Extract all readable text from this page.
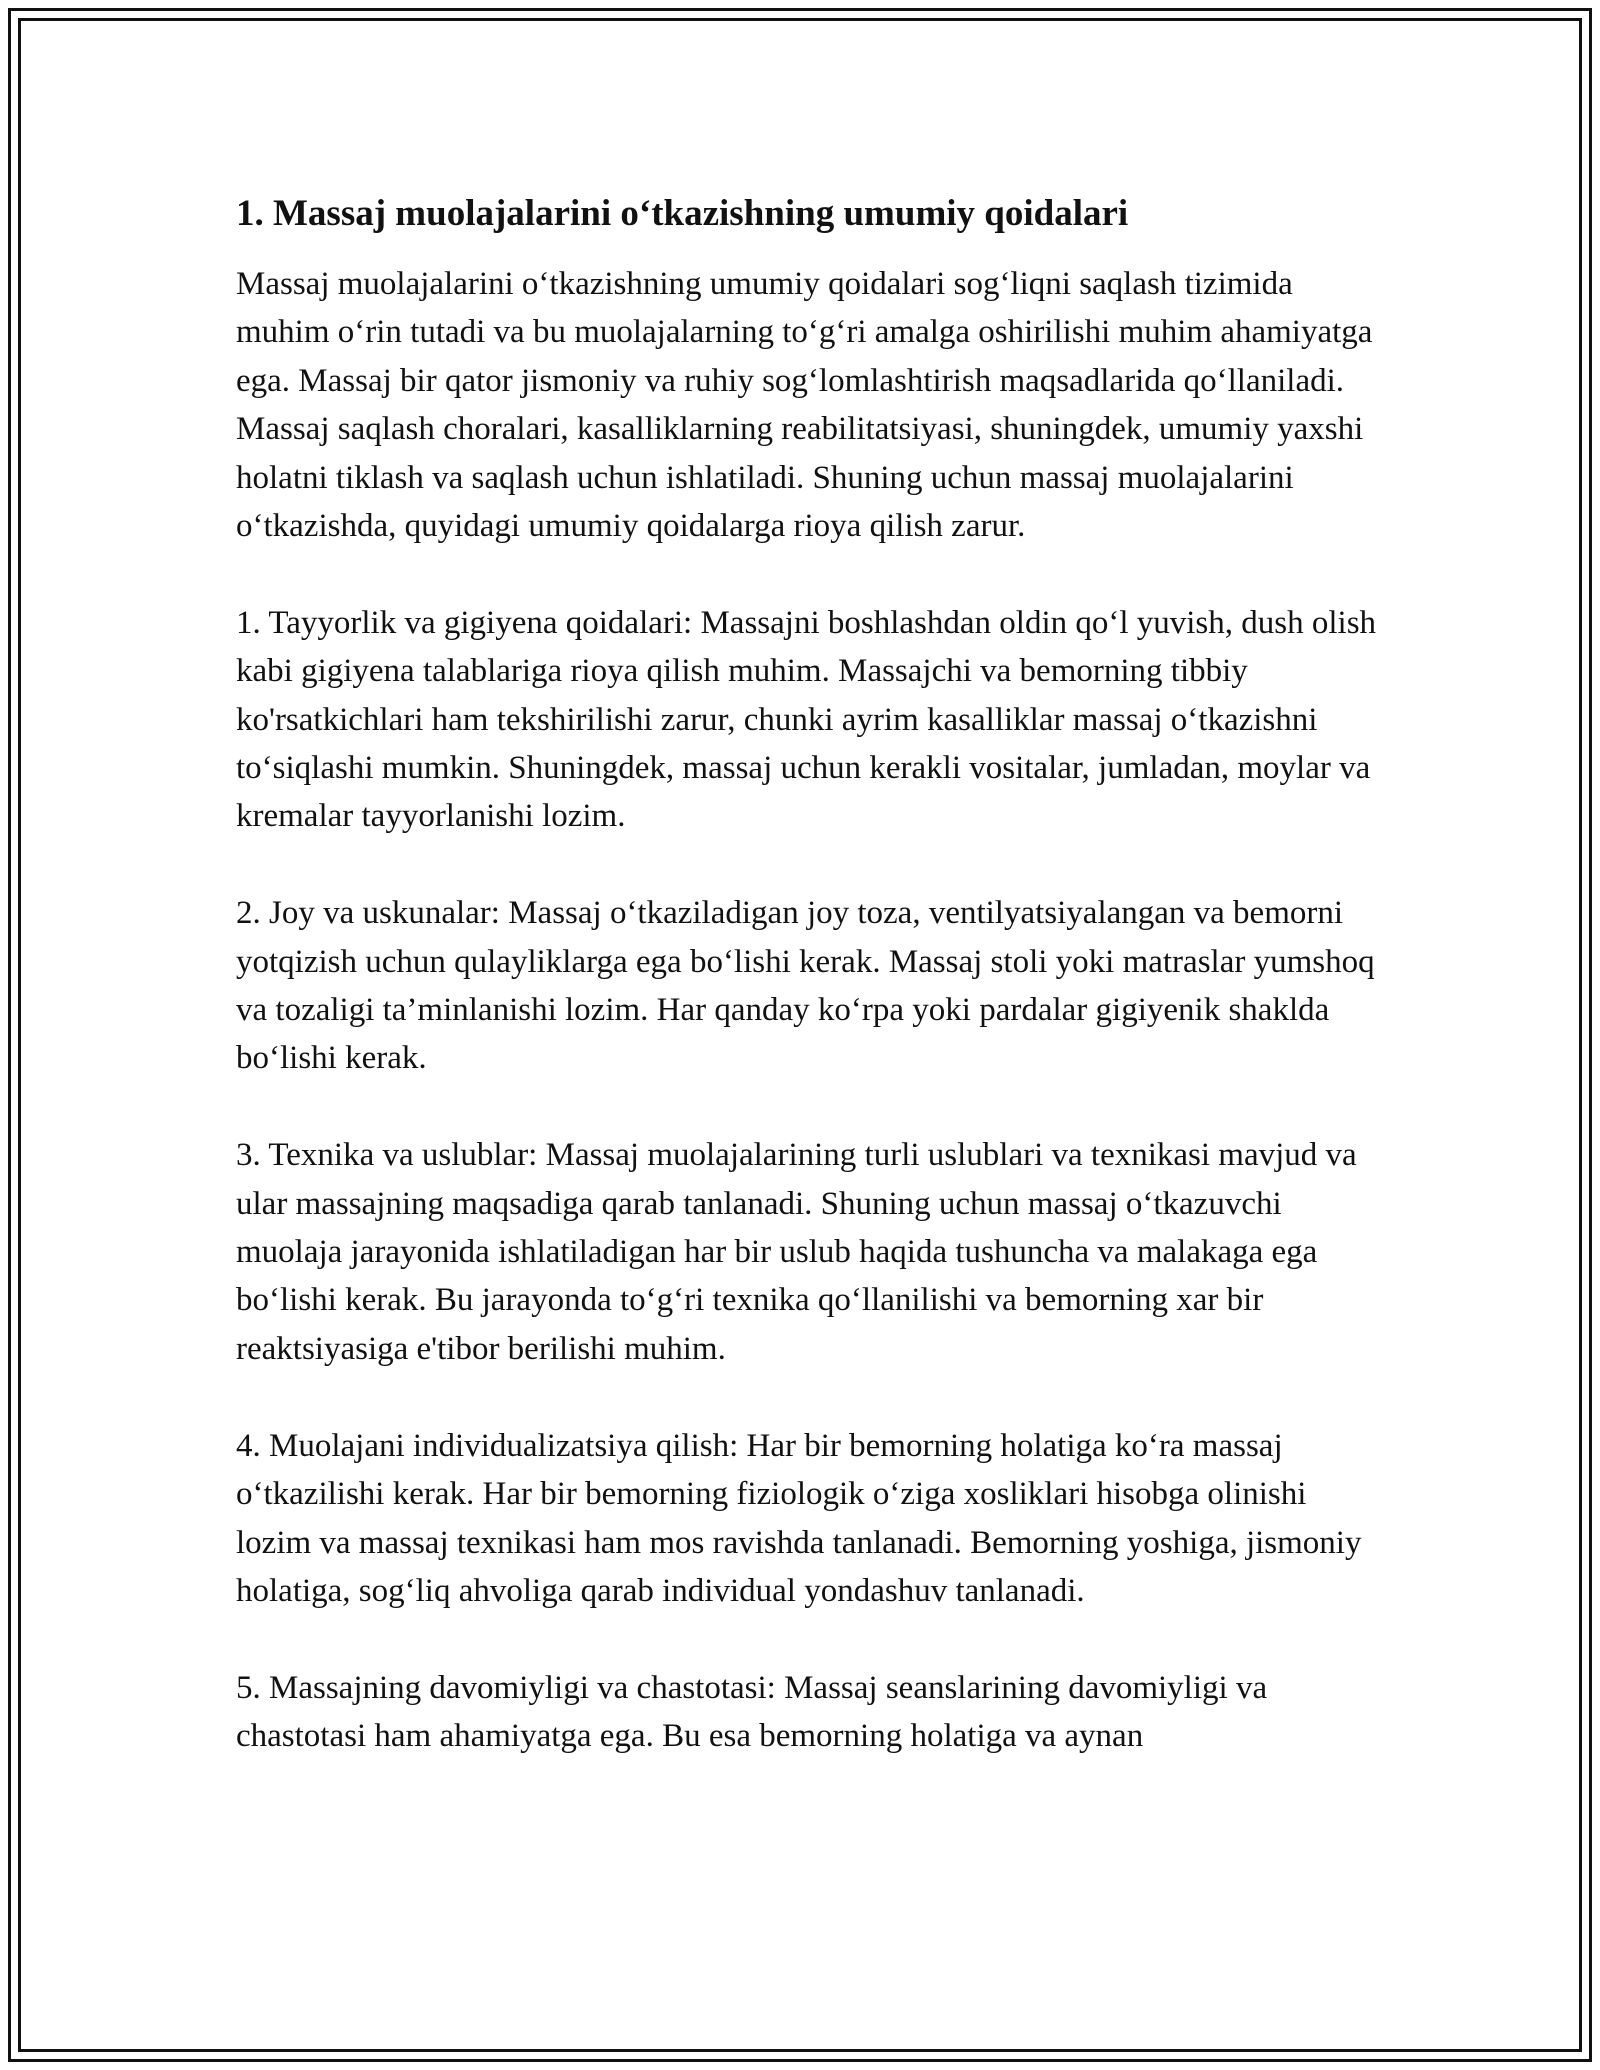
1. Massaj muolajalarini o‘tkazishning umumiy qoidalari

Massaj muolajalarini o‘tkazishning umumiy qoidalari sog‘liqni saqlash tizimida muhim o‘rin tutadi va bu muolajalarning to‘g‘ri amalga oshirilishi muhim ahamiyatga ega. Massaj bir qator jismoniy va ruhiy sog‘lomlashtirish maqsadlarida qo‘llaniladi. Massaj saqlash choralari, kasalliklarning reabilitatsiyasi, shuningdek, umumiy yaxshi holatni tiklash va saqlash uchun ishlatiladi. Shuning uchun massaj muolajalarini o‘tkazishda, quyidagi umumiy qoidalarga rioya qilish zarur.

1. Tayyorlik va gigiyena qoidalari: Massajni boshlashdan oldin qo‘l yuvish, dush olish kabi gigiyena talablariga rioya qilish muhim. Massajchi va bemorning tibbiy ko'rsatkichlari ham tekshirilishi zarur, chunki ayrim kasalliklar massaj o‘tkazishni to‘siqlashi mumkin. Shuningdek, massaj uchun kerakli vositalar, jumladan, moylar va kremalar tayyorlanishi lozim.

2. Joy va uskunalar: Massaj o‘tkaziladigan joy toza, ventilyatsiyalangan va bemorni yotqizish uchun qulayliklarga ega bo‘lishi kerak. Massaj stoli yoki matraslar yumshoq va tozaligi ta’minlanishi lozim. Har qanday ko‘rpa yoki pardalar gigiyenik shaklda bo‘lishi kerak.

3. Texnika va uslublar: Massaj muolajalarining turli uslublari va texnikasi mavjud va ular massajning maqsadiga qarab tanlanadi. Shuning uchun massaj o‘tkazuvchi muolaja jarayonida ishlatiladigan har bir uslub haqida tushuncha va malakaga ega bo‘lishi kerak. Bu jarayonda to‘g‘ri texnika qo‘llanilishi va bemorning xar bir reaktsiyasiga e'tibor berilishi muhim.

4. Muolajani individualizatsiya qilish: Har bir bemorning holatiga ko‘ra massaj o‘tkazilishi kerak. Har bir bemorning fiziologik o‘ziga xosliklari hisobga olinishi lozim va massaj texnikasi ham mos ravishda tanlanadi. Bemorning yoshiga, jismoniy holatiga, sog‘liq ahvoliga qarab individual yondashuv tanlanadi.

5. Massajning davomiyligi va chastotasi: Massaj seanslarining davomiyligi va chastotasi ham ahamiyatga ega. Bu esa bemorning holatiga va aynan
